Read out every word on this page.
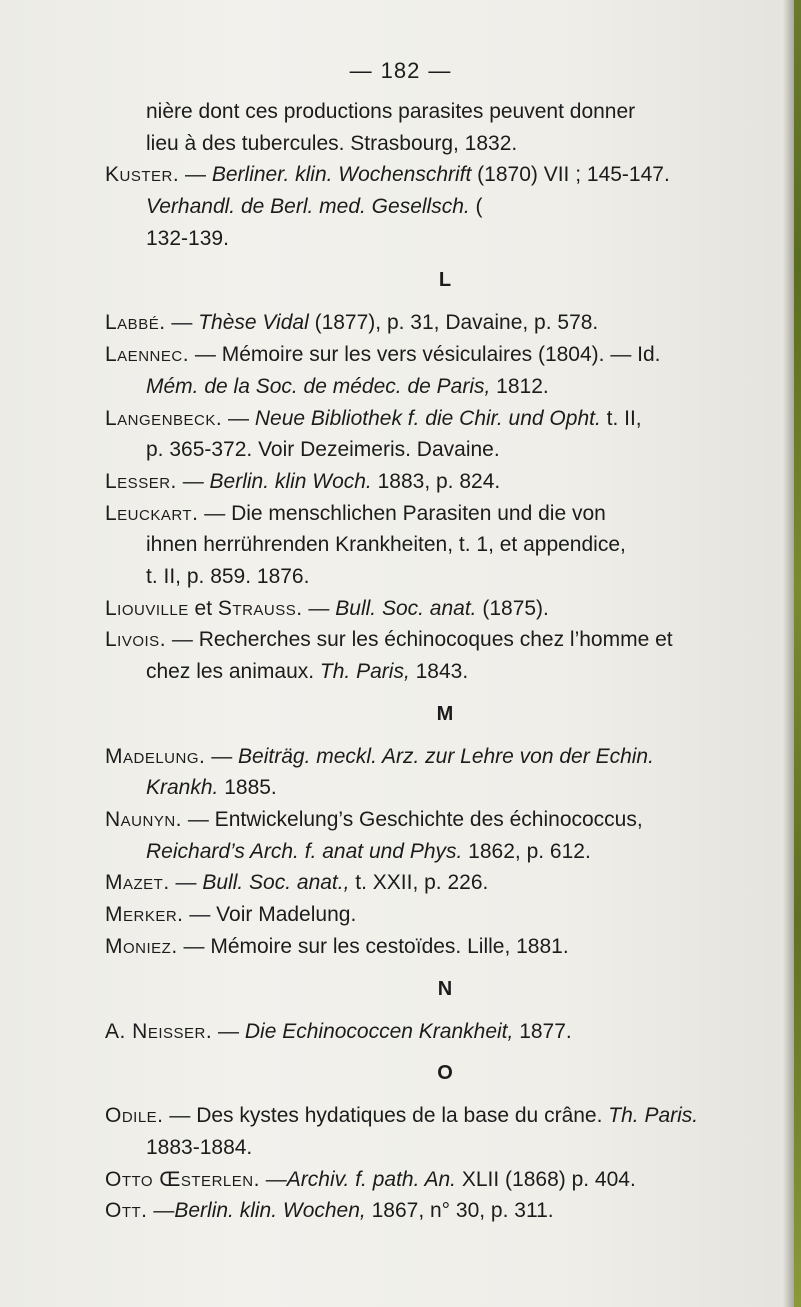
— 182 —
nière dont ces productions parasites peuvent donner
lieu à des tubercules. Strasbourg, 1832.
Kuster. — Berliner. klin. Wochenschrift (1870) VII ; 145-147.
Verhandl. de Berl. med. Gesellsch. (
132-139.
L
Labbé. — Thèse Vidal (1877), p. 31, Davaine, p. 578.
Laennec. — Mémoire sur les vers vésiculaires (1804). — Id.
Mém. de la Soc. de médec. de Paris, 1812.
Langenbeck. — Neue Bibliothek f. die Chir. und Opht. t. II,
p. 365-372. Voir Dezeimeris. Davaine.
Lesser. — Berlin. klin Woch. 1883, p. 824.
Leuckart. — Die menschlichen Parasiten und die von
ihnen herrührenden Krankheiten, t. 1, et appendice,
t. II, p. 859. 1876.
Liouville et Strauss. — Bull. Soc. anat. (1875).
Livois. — Recherches sur les échinocoques chez l’homme et
chez les animaux. Th. Paris, 1843.
M
Madelung. — Beiträg. meckl. Arz. zur Lehre von der Echin.
Krankh. 1885.
Naunyn. — Entwickelung’s Geschichte des échinococcus,
Reichard’s Arch. f. anat und Phys. 1862, p. 612.
Mazet. — Bull. Soc. anat., t. XXII, p. 226.
Merker. — Voir Madelung.
Moniez. — Mémoire sur les cestoïdes. Lille, 1881.
N
A. Neisser. — Die Echinococcen Krankheit, 1877.
O
Odile. — Des kystes hydatiques de la base du crâne. Th. Paris.
1883-1884.
Otto Œsterlen. —Archiv. f. path. An. XLII (1868) p. 404.
Ott. —Berlin. klin. Wochen, 1867, n° 30, p. 311.
